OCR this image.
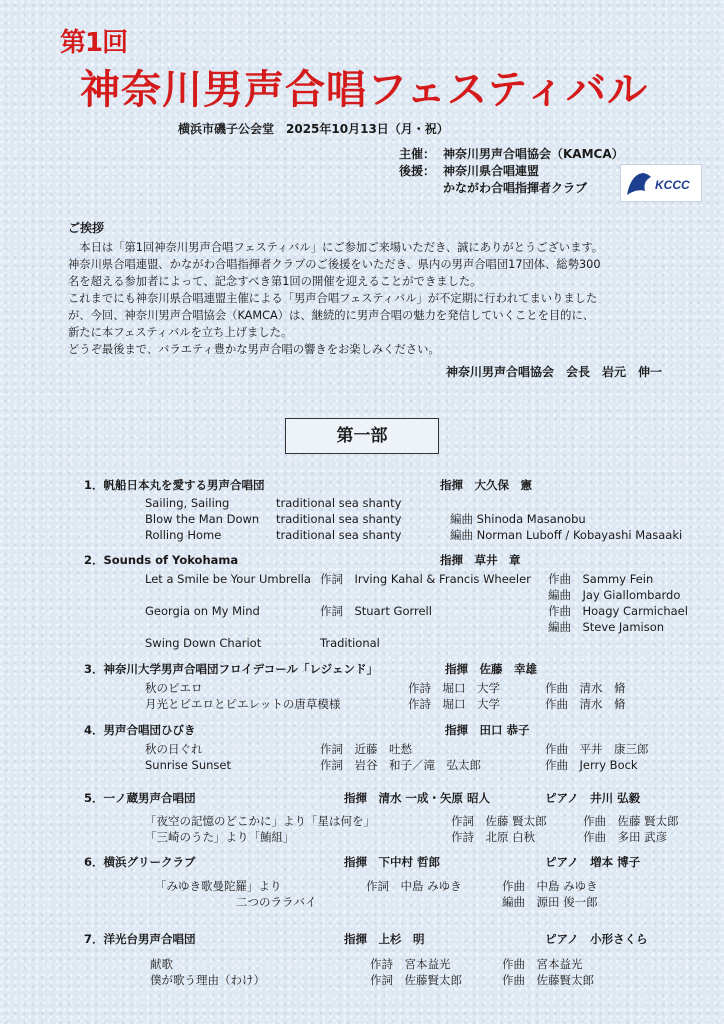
第1回
神奈川男声合唱フェスティバル
横浜市磯子公会堂　2025年10月13日（月・祝）
主催： 神奈川男声合唱協会（KAMCA）
後援： 神奈川県合唱連盟
かながわ合唱指揮者クラブ	KCCC
ご挨拶

　本日は「第1回神奈川男声合唱フェスティバル」にご参加ご来場いただき、誠にありがとうございます。

神奈川県合唱連盟、かながわ合唱指揮者クラブのご後援をいただき、県内の男声合唱団17団体、総勢300

名を超える参加者によって、記念すべき第1回の開催を迎えることができました。

これまでにも神奈川県合唱連盟主催による「男声合唱フェスティバル」が不定期に行われてまいりました

が、今回、神奈川男声合唱協会（KAMCA）は、継続的に男声合唱の魅力を発信していくことを目的に、

新たに本フェスティバルを立ち上げました。

どうぞ最後まで、バラエティ豊かな男声合唱の響きをお楽しみください。

神奈川男声合唱協会　会長　岩元　伸一
第一部
1．帆船日本丸を愛する男声合唱団	指揮　大久保　憲
Sailing, Sailing	traditional sea shanty
Blow the Man Down traditional sea shanty	編曲 Shinoda Masanobu
Rolling Home	traditional sea shanty	編曲 Norman Luboff / Kobayashi Masaaki
2．Sounds of Yokohama	指揮　草井　章
Let a Smile be Your Umbrella 作詞　Irving Kahal & Francis Wheeler 作曲　Sammy Fein
編曲　Jay Giallombardo
Georgia on My Mind	作詞　Stuart Gorrell	作曲　Hoagy Carmichael
編曲　Steve Jamison
Swing Down Chariot	Traditional
3．神奈川大学男声合唱団フロイデコール「レジェンド」	指揮　佐藤　幸雄
秋のピエロ	作詩　堀口　大学	作曲　清水　脩
月光とピエロとピエレットの唐草模様	作詩　堀口　大学	作曲　清水　脩
4．男声合唱団ひびき	指揮　田口 恭子
秋の日ぐれ	作詞　近藤　吐愁	作曲　平井　康三郎
Sunrise Sunset	作詞　岩谷　和子／滝　弘太郎	作曲　Jerry Bock
5．一ノ蔵男声合唱団	指揮　清水 一成・矢原 昭人	ピアノ　井川 弘毅
「夜空の記憶のどこかに」より「星は何を」	作詞　佐藤 賢太郎	作曲　佐藤 賢太郎
「三崎のうた」より「鮪組」	作詩　北原 白秋	作曲　多田 武彦
6．横浜グリークラブ	指揮　下中村 哲郎	ピアノ　増本 博子
「みゆき歌曼陀羅」より	作詞　中島 みゆき	作曲　中島 みゆき
二つのララバイ	編曲　源田 俊一郎
7．洋光台男声合唱団	指揮　上杉　明	ピアノ　小形さくら
献歌	作詩　宮本益光	作曲　宮本益光
僕が歌う理由（わけ）	作詞　佐藤賢太郎	作曲　佐藤賢太郎
